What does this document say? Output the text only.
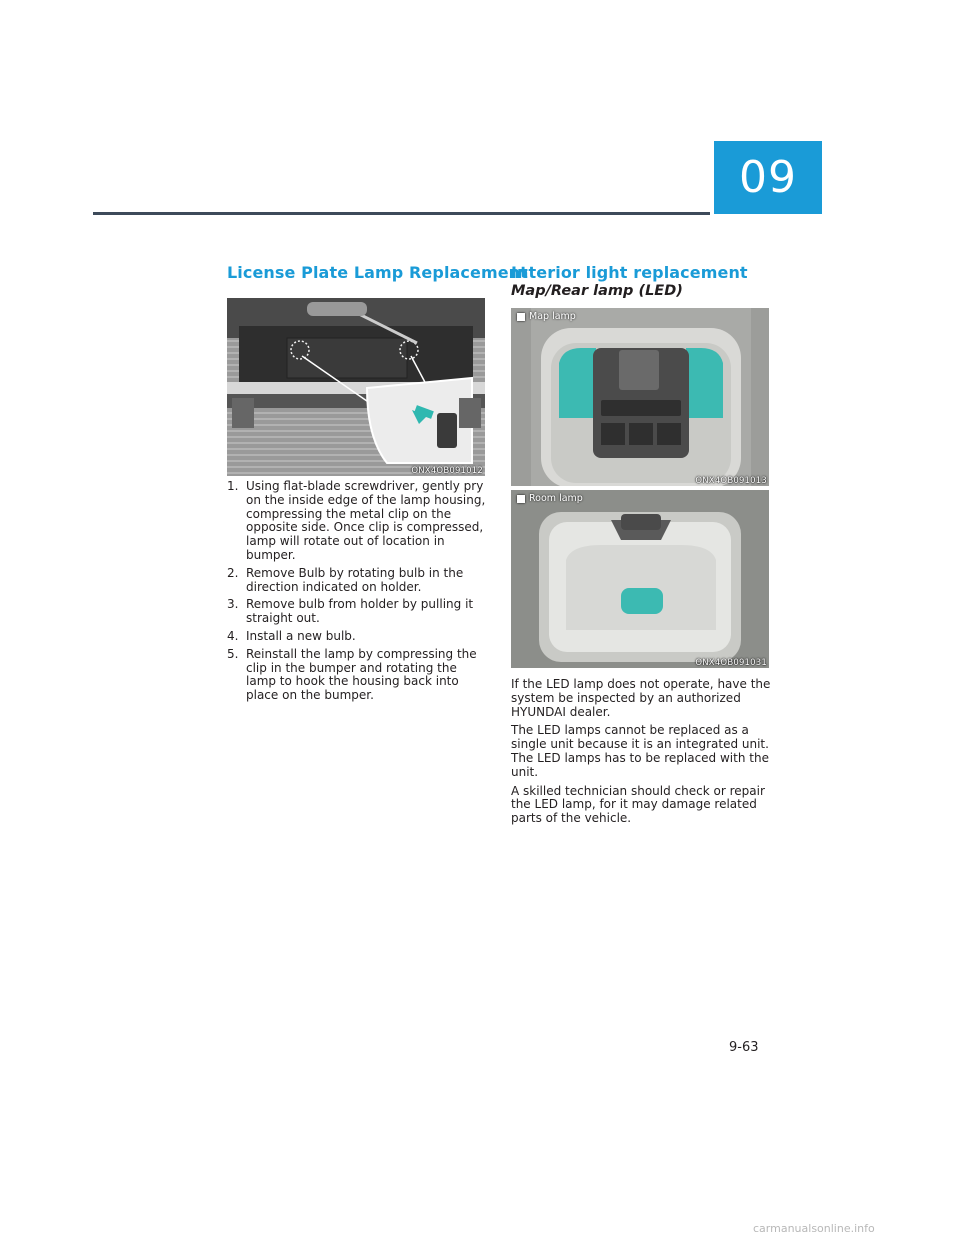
09
License Plate Lamp Replacement
ONX4OB091012
1. Using flat-blade screwdriver, gently pry on the inside edge of the lamp housing, compressing the metal clip on the opposite side. Once clip is compressed, lamp will rotate out of location in bumper.
2. Remove Bulb by rotating bulb in the direction indicated on holder.
3. Remove bulb from holder by pulling it straight out.
4. Install a new bulb.
5. Reinstall the lamp by compressing the clip in the bumper and rotating the lamp to hook the housing back into place on the bumper.
Interior light replacement
Map/Rear lamp (LED)
Map lamp
ONX4OB091013
Room lamp
ONX4OB091031

If the LED lamp does not operate, have the system be inspected by an authorized HYUNDAI dealer.

The LED lamps cannot be replaced as a single unit because it is an integrated unit. The LED lamps has to be replaced with the unit.

A skilled technician should check or repair the LED lamp, for it may damage related parts of the vehicle.

9-63
carmanualsonline.info
